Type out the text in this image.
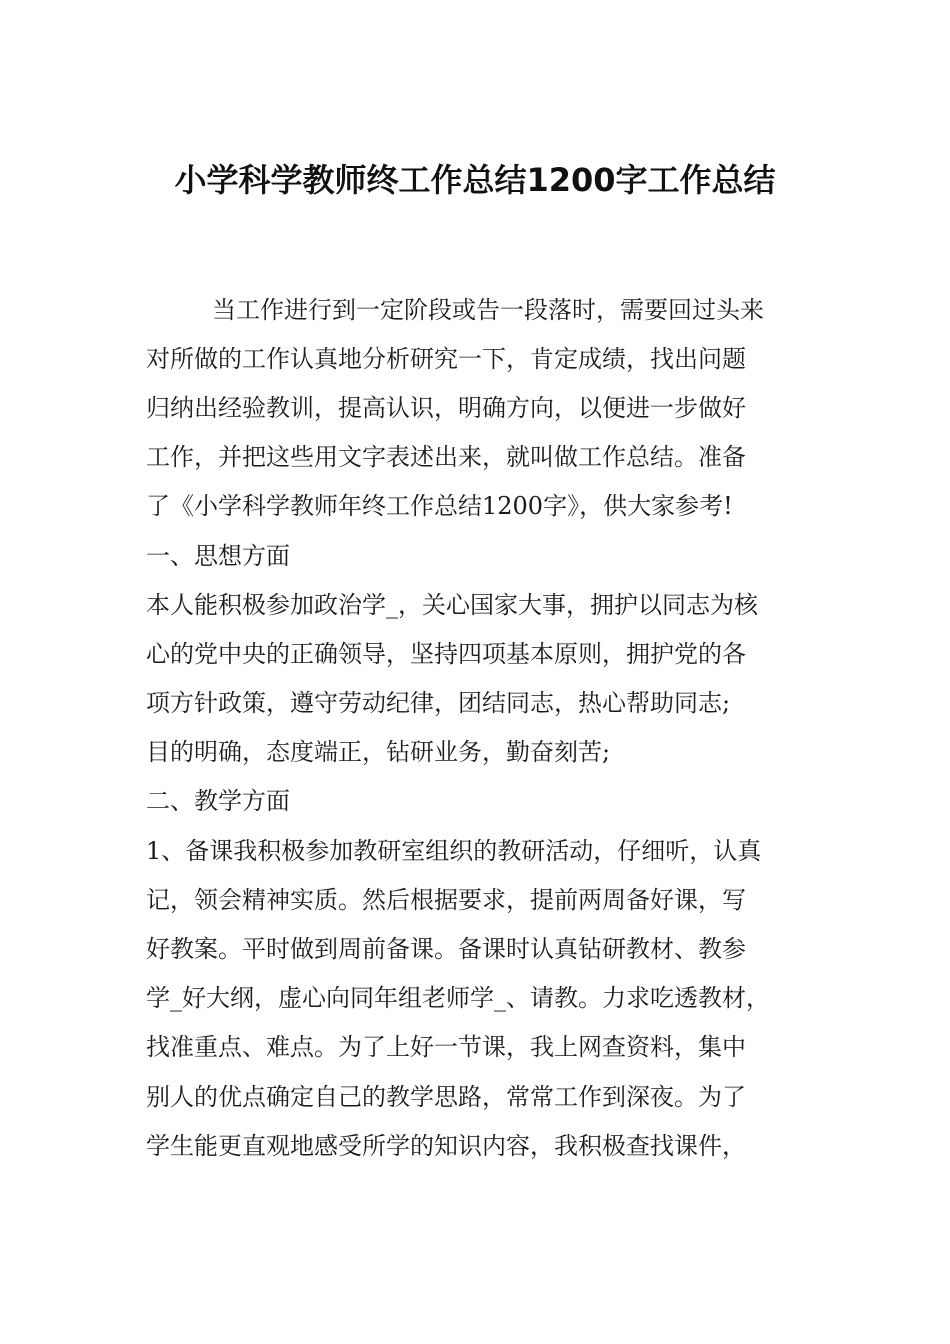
小学科学教师终工作总结1200字工作总结
当工作进行到一定阶段或告一段落时，需要回过头来
对所做的工作认真地分析研究一下，肯定成绩，找出问题
归纳出经验教训，提高认识，明确方向，以便进一步做好
工作，并把这些用文字表述出来，就叫做工作总结。准备
了《小学科学教师年终工作总结1200字》，供大家参考!
一、思想方面
本人能积极参加政治学_，关心国家大事，拥护以同志为核
心的党中央的正确领导，坚持四项基本原则，拥护党的各
项方针政策，遵守劳动纪律，团结同志，热心帮助同志;
目的明确，态度端正，钻研业务，勤奋刻苦;
二、教学方面
1、备课我积极参加教研室组织的教研活动，仔细听，认真
记，领会精神实质。然后根据要求，提前两周备好课，写
好教案。平时做到周前备课。备课时认真钻研教材、教参
学_好大纲，虚心向同年组老师学_、请教。力求吃透教材，
找准重点、难点。为了上好一节课，我上网查资料，集中
别人的优点确定自己的教学思路，常常工作到深夜。为了
学生能更直观地感受所学的知识内容，我积极查找课件，
